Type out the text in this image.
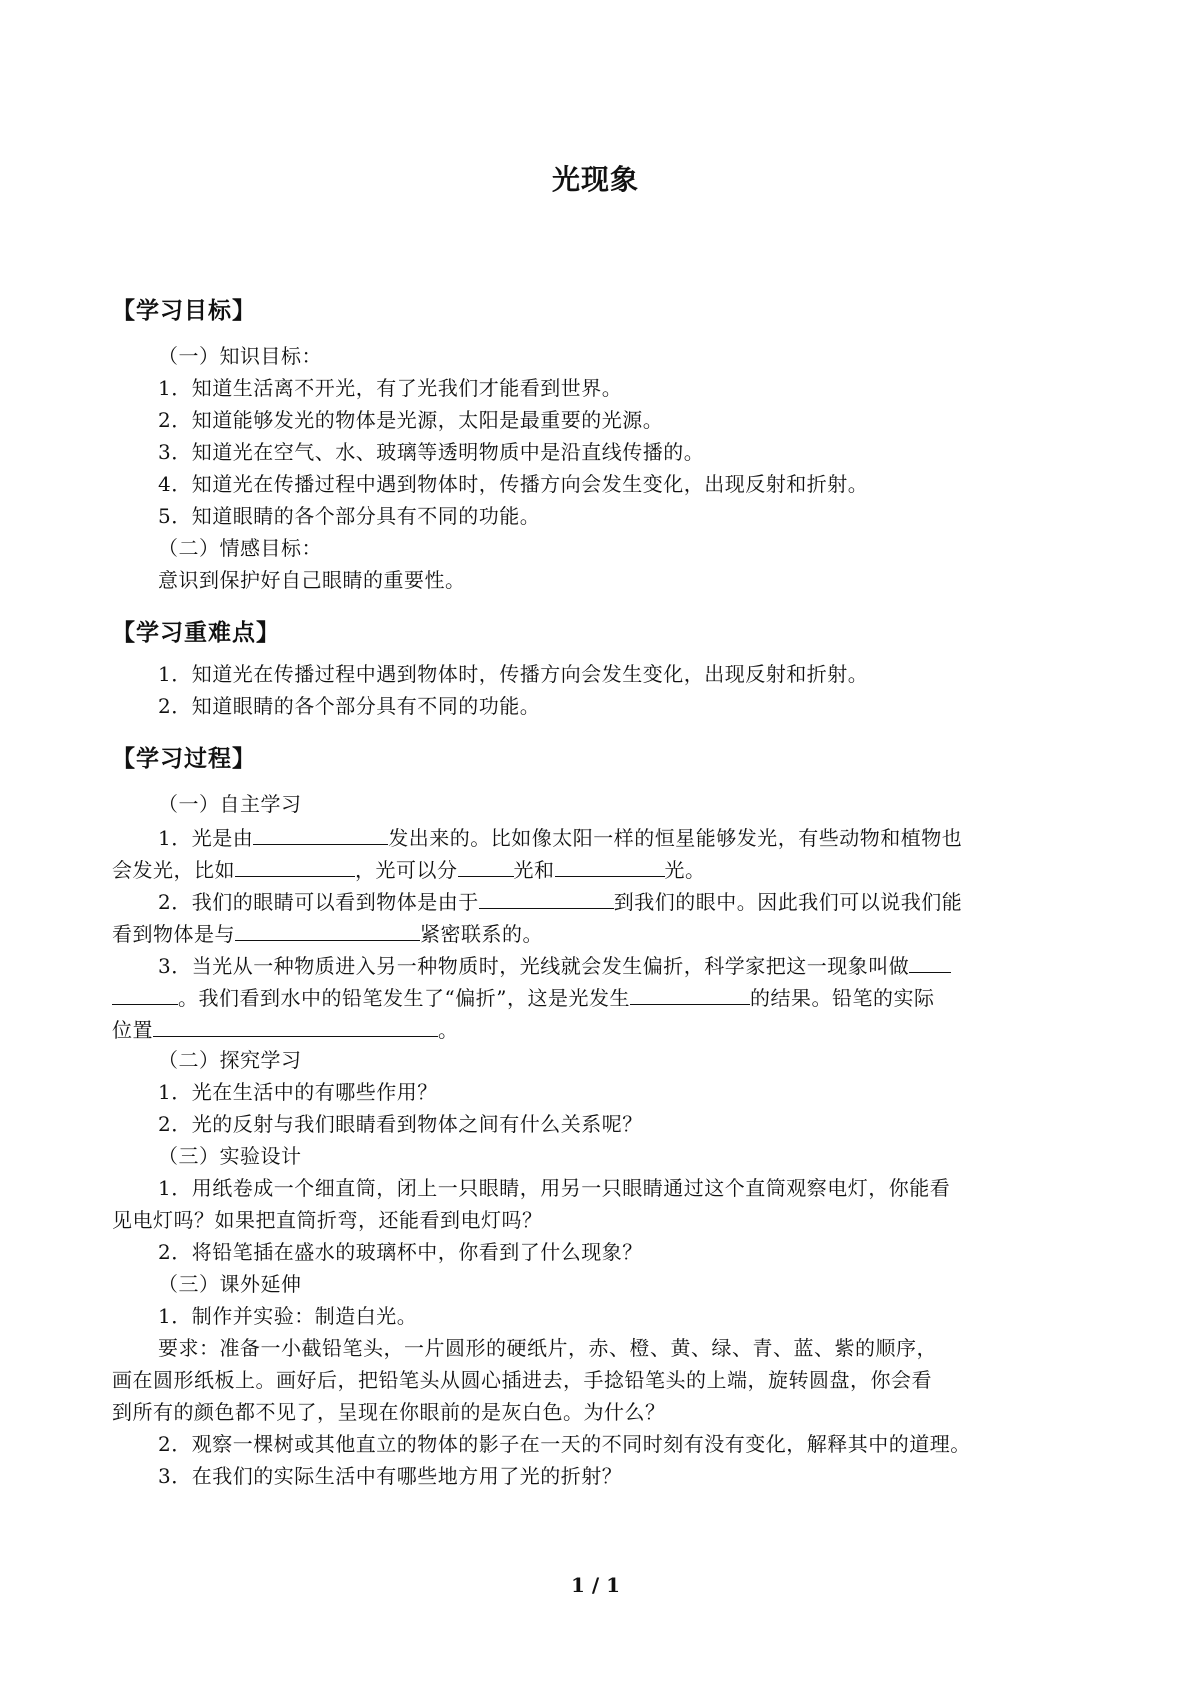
光现象
【学习目标】
（一）知识目标：
1．知道生活离不开光，有了光我们才能看到世界。
2．知道能够发光的物体是光源，太阳是最重要的光源。
3．知道光在空气、水、玻璃等透明物质中是沿直线传播的。
4．知道光在传播过程中遇到物体时，传播方向会发生变化，出现反射和折射。
5．知道眼睛的各个部分具有不同的功能。
（二）情感目标：
意识到保护好自己眼睛的重要性。
【学习重难点】
1．知道光在传播过程中遇到物体时，传播方向会发生变化，出现反射和折射。
2．知道眼睛的各个部分具有不同的功能。
【学习过程】
（一）自主学习
1．光是由	发出来的。比如像太阳一样的恒星能够发光，有些动物和植物也
会发光，比如	，光可以分	光和	光。
2．我们的眼睛可以看到物体是由于	到我们的眼中。因此我们可以说我们能
看到物体是与	紧密联系的。
3．当光从一种物质进入另一种物质时，光线就会发生偏折，科学家把这一现象叫做
。我们看到水中的铅笔发生了“偏折”，这是光发生	的结果。铅笔的实际
位置	。
（二）探究学习
1．光在生活中的有哪些作用？
2．光的反射与我们眼睛看到物体之间有什么关系呢？
（三）实验设计
1．用纸卷成一个细直筒，闭上一只眼睛，用另一只眼睛通过这个直筒观察电灯，你能看
见电灯吗？如果把直筒折弯，还能看到电灯吗？
2．将铅笔插在盛水的玻璃杯中，你看到了什么现象？
（三）课外延伸
1．制作并实验：制造白光。
要求：准备一小截铅笔头，一片圆形的硬纸片，赤、橙、黄、绿、青、蓝、紫的顺序，
画在圆形纸板上。画好后，把铅笔头从圆心插进去，手捻铅笔头的上端，旋转圆盘，你会看
到所有的颜色都不见了，呈现在你眼前的是灰白色。为什么？
2．观察一棵树或其他直立的物体的影子在一天的不同时刻有没有变化，解释其中的道理。
3．在我们的实际生活中有哪些地方用了光的折射？
1 / 1
